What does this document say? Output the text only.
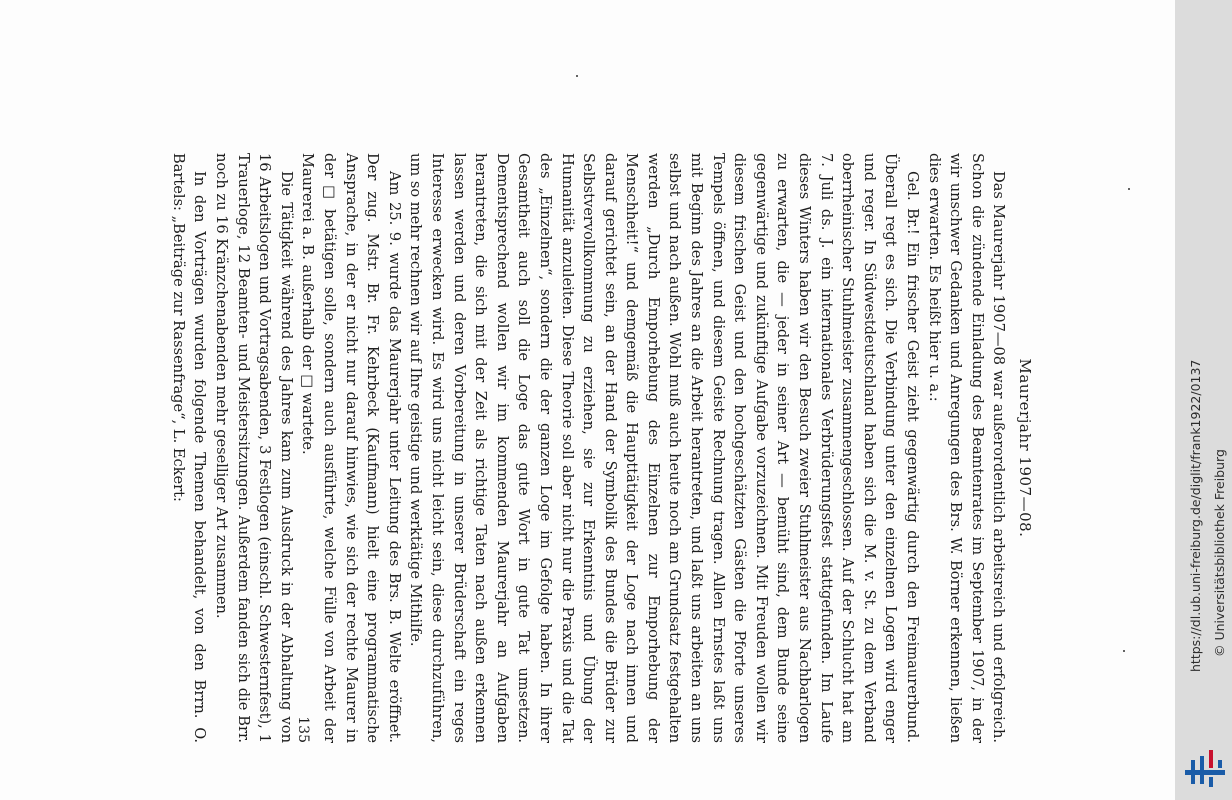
Maurerjahr 1907—08.

Das Maurerjahr 1907—08 war außerordentlich arbeitsreich und erfolgreich. Schon die zündende Einladung des Beamtenrates im September 1907, in der wir unschwer Gedanken und Anregungen des Brs. W. Börner erkennen, ließen dies erwarten. Es heißt hier u. a.:

Gel. Br.! Ein frischer Geist zieht gegenwärtig durch den Freimaurerbund. Überall regt es sich. Die Verbindung unter den einzelnen Logen wird enger und reger. In Südwestdeutschland haben sich die M. v. St. zu dem Verband oberrheinischer Stuhlmeister zusammengeschlossen. Auf der Schlucht hat am 7. Juli ds. J. ein internationales Verbrüderungsfest stattgefunden. Im Laufe dieses Winters haben wir den Besuch zweier Stuhlmeister aus Nachbarlogen zu erwarten, die — jeder in seiner Art — bemüht sind, dem Bunde seine gegenwärtige und zukünftige Aufgabe vorzuzeichnen. Mit Freuden wollen wir diesem frischen Geist und den hochgeschätzten Gästen die Pforte unseres Tempels öffnen, und diesem Geiste Rechnung tragen. Allen Ernstes laßt uns mit Beginn des Jahres an die Arbeit herantreten, und laßt uns arbeiten an uns selbst und nach außen. Wohl muß auch heute noch am Grundsatz festgehalten werden „Durch Emporhebung des Einzelnen zur Emporhebung der Menschheit!“ und demgemäß die Haupttätigkeit der Loge nach innen und darauf gerichtet sein, an der Hand der Symbolik des Bundes die Brüder zur Selbstvervollkommung zu erziehen, sie zur Erkenntnis und Übung der Humanität anzuleiten. Diese Theorie soll aber nicht nur die Praxis und die Tat des „Einzelnen“, sondern die der ganzen Loge im Gefolge haben. In ihrer Gesamtheit auch soll die Loge das gute Wort in gute Tat umsetzen. Dementsprechend wollen wir im kommenden Maurerjahr an Aufgaben herantreten, die sich mit der Zeit als richtige Taten nach außen erkennen lassen werden und deren Vorbereitung in unserer Brüderschaft ein reges Interesse erwecken wird. Es wird uns nicht leicht sein, diese durchzuführen, um so mehr rechnen wir auf Ihre geistige und werktätige Mithilfe.

Am 25. 9. wurde das Maurerjahr unter Leitung des Brs. B. Welte eröffnet. Der zug. Mstr. Br. Fr. Kehrbeck (Kaufmann) hielt eine programmatische Ansprache, in der er nicht nur darauf hinwies, wie sich der rechte Maurer in der □ betätigen solle, sondern auch ausführte, welche Fülle von Arbeit der Maurerei a. B. außerhalb der □ wartete.

Die Tätigkeit während des Jahres kam zum Ausdruck in der Abhaltung von 16 Arbeitslogen und Vortragsabenden, 3 Festlogen (einschl. Schwesternfest), 1 Trauerloge, 12 Beamten- und Meistersitzungen. Außerdem fanden sich die Brr. noch zu 16 Kränzchenabenden mehr geselliger Art zusammen.

In den Vorträgen wurden folgende Themen behandelt, von den Brrn. O. Bartels: „Beiträge zur Rassenfrage“, L. Eckert:

135
https://dl.ub.uni-freiburg.de/diglit/frank1922/0137 © Universitätsbibliothek Freiburg
